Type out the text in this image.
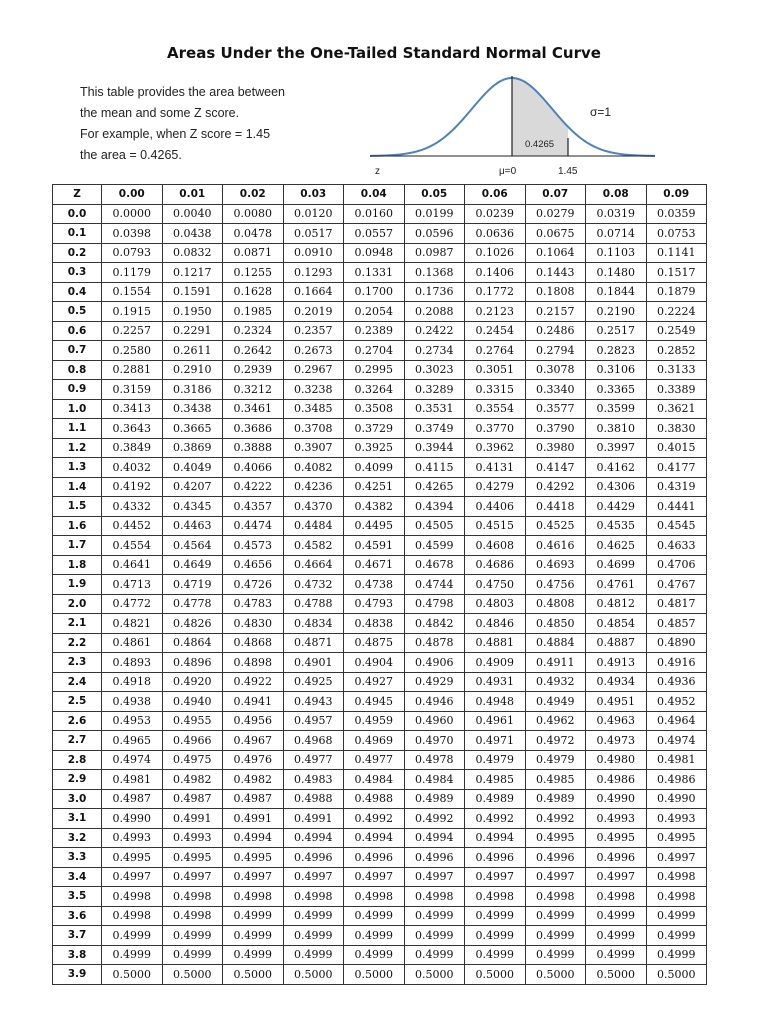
Areas Under the One-Tailed Standard Normal Curve
This table provides the area between
the mean and some Z score.
For example, when Z score = 1.45
the area = 0.4265.
σ=1
0.4265
z	μ=0	1.45
Z	0.00	0.01	0.02	0.03	0.04	0.05	0.06	0.07	0.08	0.09
0.0	0.0000	0.0040	0.0080	0.0120	0.0160	0.0199	0.0239	0.0279	0.0319	0.0359
0.1	0.0398	0.0438	0.0478	0.0517	0.0557	0.0596	0.0636	0.0675	0.0714	0.0753
0.2	0.0793	0.0832	0.0871	0.0910	0.0948	0.0987	0.1026	0.1064	0.1103	0.1141
0.3	0.1179	0.1217	0.1255	0.1293	0.1331	0.1368	0.1406	0.1443	0.1480	0.1517
0.4	0.1554	0.1591	0.1628	0.1664	0.1700	0.1736	0.1772	0.1808	0.1844	0.1879
0.5	0.1915	0.1950	0.1985	0.2019	0.2054	0.2088	0.2123	0.2157	0.2190	0.2224
0.6	0.2257	0.2291	0.2324	0.2357	0.2389	0.2422	0.2454	0.2486	0.2517	0.2549
0.7	0.2580	0.2611	0.2642	0.2673	0.2704	0.2734	0.2764	0.2794	0.2823	0.2852
0.8	0.2881	0.2910	0.2939	0.2967	0.2995	0.3023	0.3051	0.3078	0.3106	0.3133
0.9	0.3159	0.3186	0.3212	0.3238	0.3264	0.3289	0.3315	0.3340	0.3365	0.3389
1.0	0.3413	0.3438	0.3461	0.3485	0.3508	0.3531	0.3554	0.3577	0.3599	0.3621
1.1	0.3643	0.3665	0.3686	0.3708	0.3729	0.3749	0.3770	0.3790	0.3810	0.3830
1.2	0.3849	0.3869	0.3888	0.3907	0.3925	0.3944	0.3962	0.3980	0.3997	0.4015
1.3	0.4032	0.4049	0.4066	0.4082	0.4099	0.4115	0.4131	0.4147	0.4162	0.4177
1.4	0.4192	0.4207	0.4222	0.4236	0.4251	0.4265	0.4279	0.4292	0.4306	0.4319
1.5	0.4332	0.4345	0.4357	0.4370	0.4382	0.4394	0.4406	0.4418	0.4429	0.4441
1.6	0.4452	0.4463	0.4474	0.4484	0.4495	0.4505	0.4515	0.4525	0.4535	0.4545
1.7	0.4554	0.4564	0.4573	0.4582	0.4591	0.4599	0.4608	0.4616	0.4625	0.4633
1.8	0.4641	0.4649	0.4656	0.4664	0.4671	0.4678	0.4686	0.4693	0.4699	0.4706
1.9	0.4713	0.4719	0.4726	0.4732	0.4738	0.4744	0.4750	0.4756	0.4761	0.4767
2.0	0.4772	0.4778	0.4783	0.4788	0.4793	0.4798	0.4803	0.4808	0.4812	0.4817
2.1	0.4821	0.4826	0.4830	0.4834	0.4838	0.4842	0.4846	0.4850	0.4854	0.4857
2.2	0.4861	0.4864	0.4868	0.4871	0.4875	0.4878	0.4881	0.4884	0.4887	0.4890
2.3	0.4893	0.4896	0.4898	0.4901	0.4904	0.4906	0.4909	0.4911	0.4913	0.4916
2.4	0.4918	0.4920	0.4922	0.4925	0.4927	0.4929	0.4931	0.4932	0.4934	0.4936
2.5	0.4938	0.4940	0.4941	0.4943	0.4945	0.4946	0.4948	0.4949	0.4951	0.4952
2.6	0.4953	0.4955	0.4956	0.4957	0.4959	0.4960	0.4961	0.4962	0.4963	0.4964
2.7	0.4965	0.4966	0.4967	0.4968	0.4969	0.4970	0.4971	0.4972	0.4973	0.4974
2.8	0.4974	0.4975	0.4976	0.4977	0.4977	0.4978	0.4979	0.4979	0.4980	0.4981
2.9	0.4981	0.4982	0.4982	0.4983	0.4984	0.4984	0.4985	0.4985	0.4986	0.4986
3.0	0.4987	0.4987	0.4987	0.4988	0.4988	0.4989	0.4989	0.4989	0.4990	0.4990
3.1	0.4990	0.4991	0.4991	0.4991	0.4992	0.4992	0.4992	0.4992	0.4993	0.4993
3.2	0.4993	0.4993	0.4994	0.4994	0.4994	0.4994	0.4994	0.4995	0.4995	0.4995
3.3	0.4995	0.4995	0.4995	0.4996	0.4996	0.4996	0.4996	0.4996	0.4996	0.4997
3.4	0.4997	0.4997	0.4997	0.4997	0.4997	0.4997	0.4997	0.4997	0.4997	0.4998
3.5	0.4998	0.4998	0.4998	0.4998	0.4998	0.4998	0.4998	0.4998	0.4998	0.4998
3.6	0.4998	0.4998	0.4999	0.4999	0.4999	0.4999	0.4999	0.4999	0.4999	0.4999
3.7	0.4999	0.4999	0.4999	0.4999	0.4999	0.4999	0.4999	0.4999	0.4999	0.4999
3.8	0.4999	0.4999	0.4999	0.4999	0.4999	0.4999	0.4999	0.4999	0.4999	0.4999
3.9	0.5000	0.5000	0.5000	0.5000	0.5000	0.5000	0.5000	0.5000	0.5000	0.5000
